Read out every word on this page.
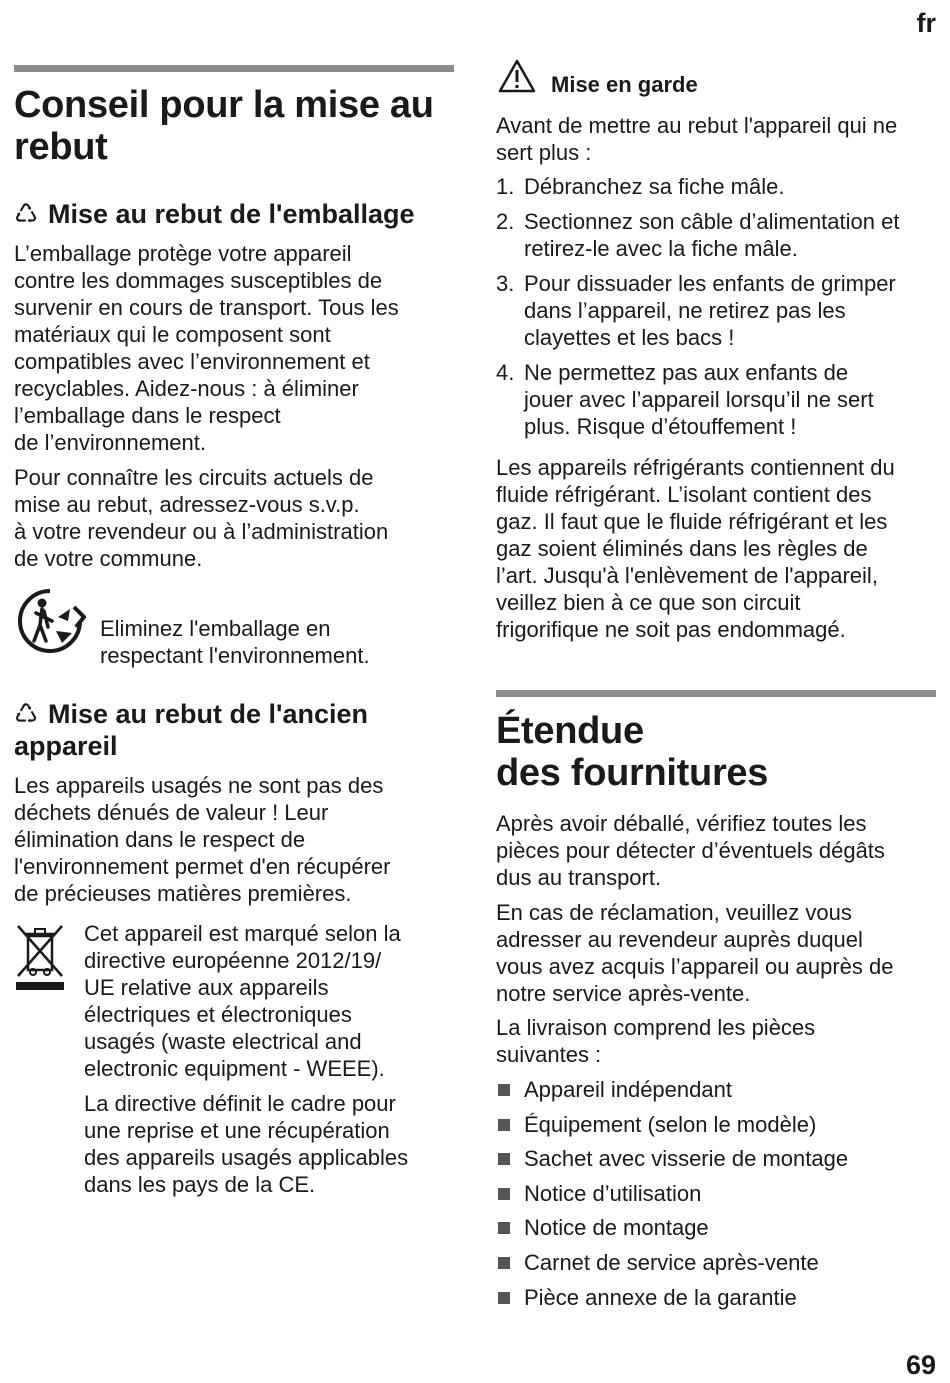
fr
Conseil pour la mise au
rebut
♺ Mise au rebut de l'emballage

L’emballage protège votre appareil
contre les dommages susceptibles de
survenir en cours de transport. Tous les
matériaux qui le composent sont
compatibles avec l’environnement et
recyclables. Aidez-nous : à éliminer
l’emballage dans le respect
de l’environnement.

Pour connaître les circuits actuels de
mise au rebut, adressez-vous s.v.p.
à votre revendeur ou à l’administration
de votre commune.

Eliminez l'emballage en
respectant l'environnement.

♺ Mise au rebut de l'ancien
appareil

Les appareils usagés ne sont pas des
déchets dénués de valeur ! Leur
élimination dans le respect de
l'environnement permet d'en récupérer
de précieuses matières premières.

Cet appareil est marqué selon la
directive européenne 2012/19/
UE relative aux appareils
électriques et électroniques
usagés (waste electrical and
electronic equipment - WEEE).

La directive définit le cadre pour
une reprise et une récupération
des appareils usagés applicables
dans les pays de la CE.

Mise en garde

Avant de mettre au rebut l'appareil qui ne
sert plus :

1. Débranchez sa fiche mâle.
2. Sectionnez son câble d’alimentation et
retirez-le avec la fiche mâle.
3. Pour dissuader les enfants de grimper
dans l’appareil, ne retirez pas les
clayettes et les bacs !
4. Ne permettez pas aux enfants de
jouer avec l’appareil lorsqu’il ne sert
plus. Risque d’étouffement !

Les appareils réfrigérants contiennent du
fluide réfrigérant. L’isolant contient des
gaz. Il faut que le fluide réfrigérant et les
gaz soient éliminés dans les règles de
l’art. Jusqu'à l'enlèvement de l'appareil,
veillez bien à ce que son circuit
frigorifique ne soit pas endommagé.

Étendue
des fournitures

Après avoir déballé, vérifiez toutes les
pièces pour détecter d’éventuels dégâts
dus au transport.

En cas de réclamation, veuillez vous
adresser au revendeur auprès duquel
vous avez acquis l’appareil ou auprès de
notre service après-vente.

La livraison comprend les pièces
suivantes :

Appareil indépendant
Équipement (selon le modèle)
Sachet avec visserie de montage
Notice d’utilisation
Notice de montage
Carnet de service après-vente
Pièce annexe de la garantie
69
